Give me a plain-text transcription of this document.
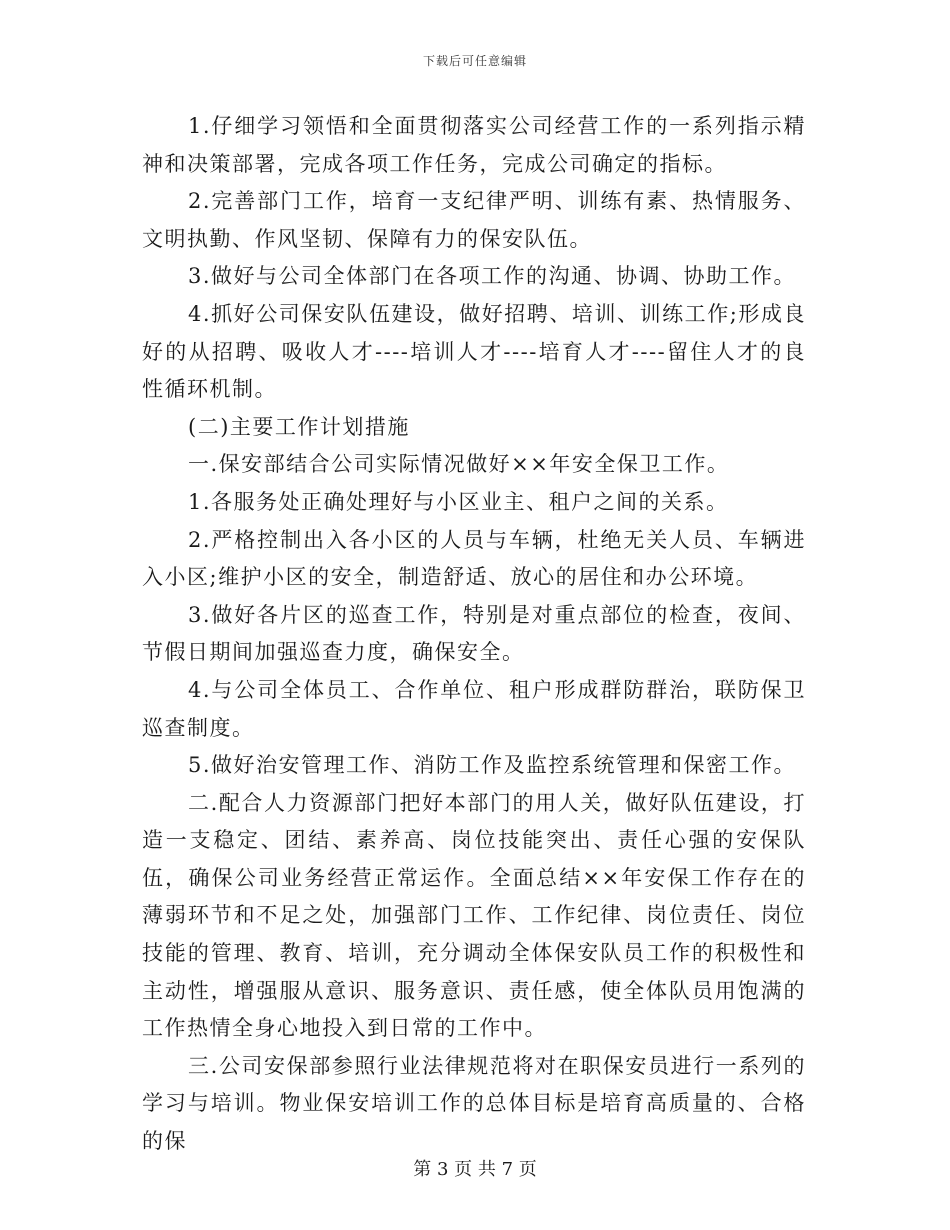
下载后可任意编辑

1.仔细学习领悟和全面贯彻落实公司经营工作的一系列指示精神和决策部署，完成各项工作任务，完成公司确定的指标。

2.完善部门工作，培育一支纪律严明、训练有素、热情服务、文明执勤、作风坚韧、保障有力的保安队伍。

3.做好与公司全体部门在各项工作的沟通、协调、协助工作。

4.抓好公司保安队伍建设，做好招聘、培训、训练工作;形成良好的从招聘、吸收人才----培训人才----培育人才----留住人才的良性循环机制。

(二)主要工作计划措施

一.保安部结合公司实际情况做好××年安全保卫工作。

1.各服务处正确处理好与小区业主、租户之间的关系。

2.严格控制出入各小区的人员与车辆，杜绝无关人员、车辆进入小区;维护小区的安全，制造舒适、放心的居住和办公环境。

3.做好各片区的巡查工作，特别是对重点部位的检查，夜间、节假日期间加强巡查力度，确保安全。

4.与公司全体员工、合作单位、租户形成群防群治，联防保卫巡查制度。

5.做好治安管理工作、消防工作及监控系统管理和保密工作。

二.配合人力资源部门把好本部门的用人关，做好队伍建设，打造一支稳定、团结、素养高、岗位技能突出、责任心强的安保队伍，确保公司业务经营正常运作。全面总结××年安保工作存在的薄弱环节和不足之处，加强部门工作、工作纪律、岗位责任、岗位技能的管理、教育、培训，充分调动全体保安队员工作的积极性和主动性，增强服从意识、服务意识、责任感，使全体队员用饱满的工作热情全身心地投入到日常的工作中。

三.公司安保部参照行业法律规范将对在职保安员进行一系列的学习与培训。物业保安培训工作的总体目标是培育高质量的、合格的保

第 3 页 共 7 页
